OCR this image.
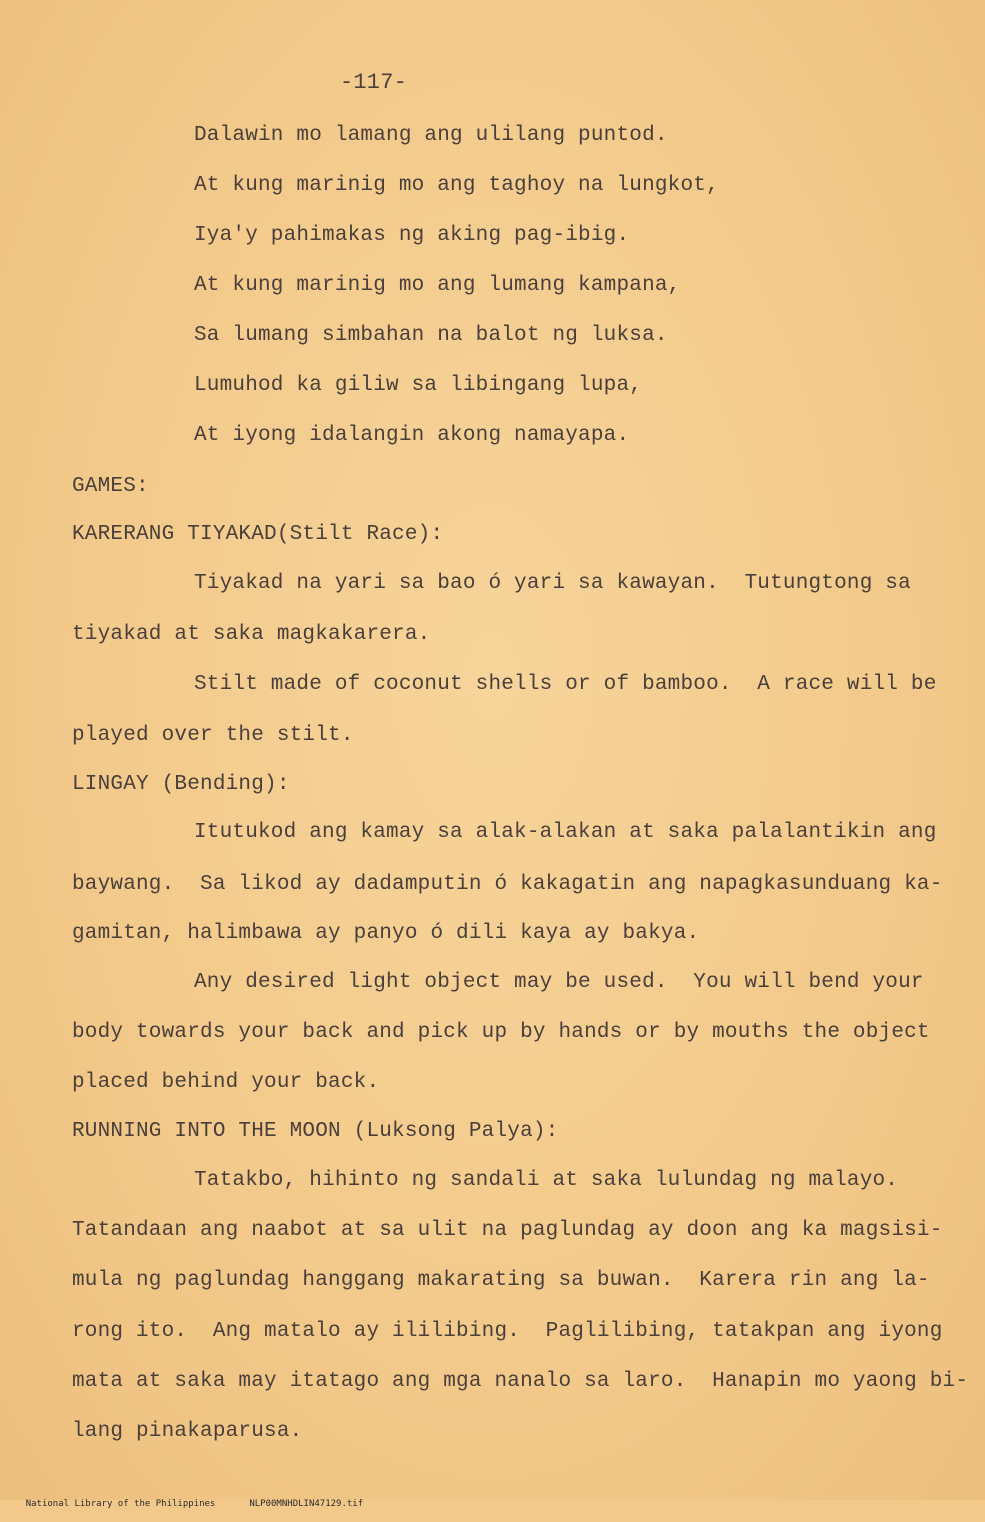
-117-
Dalawin mo lamang ang ulilang puntod.
At kung marinig mo ang taghoy na lungkot,
Iya'y pahimakas ng aking pag-ibig.
At kung marinig mo ang lumang kampana,
Sa lumang simbahan na balot ng luksa.
Lumuhod ka giliw sa libingang lupa,
At iyong idalangin akong namayapa.
GAMES:
KARERANG TIYAKAD(Stilt Race):
Tiyakad na yari sa bao ó yari sa kawayan.  Tutungtong sa
tiyakad at saka magkakarera.
Stilt made of coconut shells or of bamboo.  A race will be
played over the stilt.
LINGAY (Bending):
Itutukod ang kamay sa alak-alakan at saka palalantikin ang
baywang.  Sa likod ay dadamputin ó kakagatin ang napagkasunduang ka-
gamitan, halimbawa ay panyo ó dili kaya ay bakya.
Any desired light object may be used.  You will bend your
body towards your back and pick up by hands or by mouths the object
placed behind your back.
RUNNING INTO THE MOON (Luksong Palya):
Tatakbo, hihinto ng sandali at saka lulundag ng malayo.
Tatandaan ang naabot at sa ulit na paglundag ay doon ang ka magsisi-
mula ng paglundag hanggang makarating sa buwan.  Karera rin ang la-
rong ito.  Ang matalo ay ililibing.  Paglilibing, tatakpan ang iyong
mata at saka may itatago ang mga nanalo sa laro.  Hanapin mo yaong bi-
lang pinakaparusa.

National Library of the Philippines	NLP00MNHDLIN47129.tif
